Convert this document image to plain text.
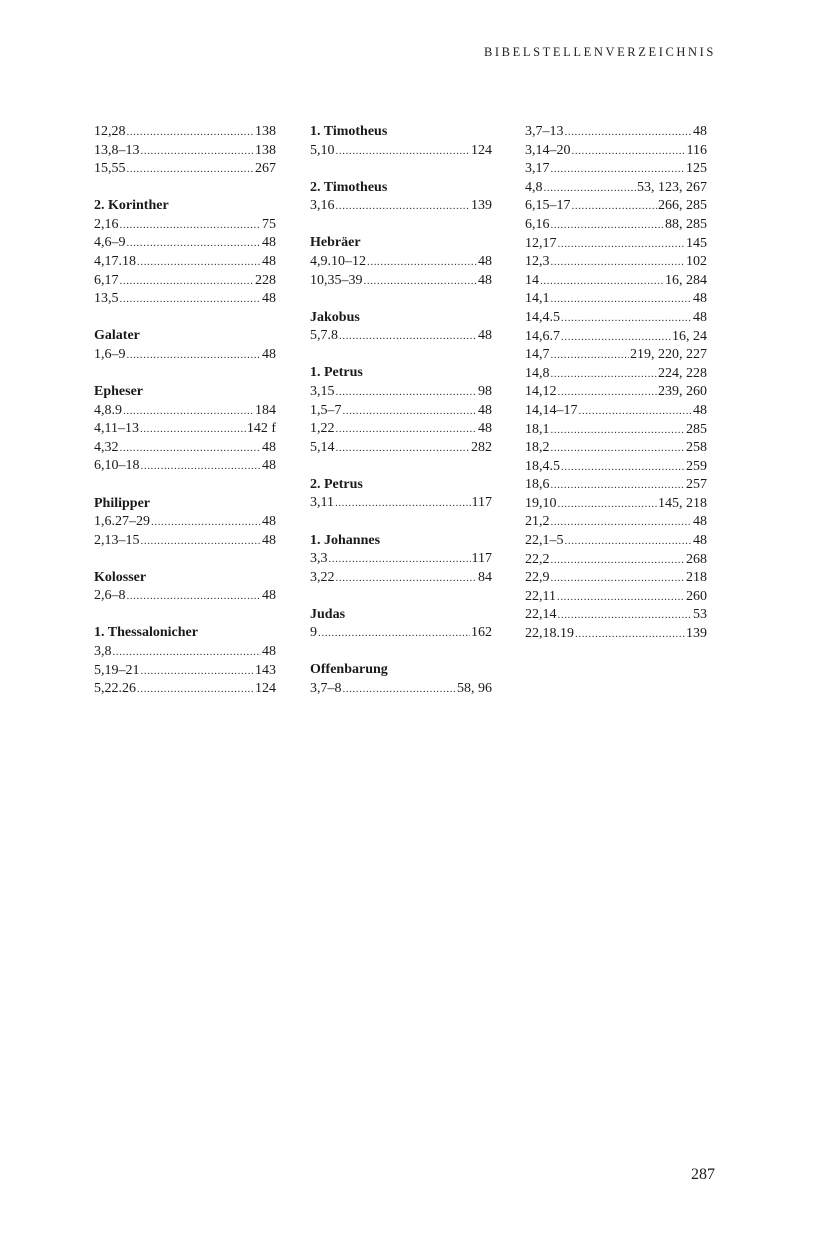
BIBELSTELLENVERZEICHNIS
12,28 .....	138
13,8–13 .....	138
15,55 .....	267
2. Korinther
2,16 .....	75
4,6–9 .....	48
4,17.18 .....	48
6,17 .....	228
13,5 .....	48
Galater
1,6–9 .....	48
Epheser
4,8.9 .....	184
4,11–13 .....	142 f
4,32 .....	48
6,10–18 .....	48
Philipper
1,6.27–29 .....	48
2,13–15 .....	48
Kolosser
2,6–8 .....	48
1. Thessalonicher
3,8 .....	48
5,19–21 .....	143
5,22.26 .....	124
1. Timotheus
5,10 .....	124
2. Timotheus
3,16 .....	139
Hebräer
4,9.10–12 .....	48
10,35–39 .....	48
Jakobus
5,7.8 .....	48
1. Petrus
3,15 .....	98
1,5–7 .....	48
1,22 .....	48
5,14 .....	282
2. Petrus
3,11 .....	117
1. Johannes
3,3 .....	117
3,22 .....	84
Judas
9 .....	162
Offenbarung
3,7–8 .....	58, 96
3,7–13 .....	48
3,14–20 .....	116
3,17 .....	125
4,8 .....	53, 123, 267
6,15–17 .....	266, 285
6,16 .....	88, 285
12,17 .....	145
12,3 .....	102
14 .....	16, 284
14,1 .....	48
14,4.5 .....	48
14,6.7 .....	16, 24
14,7 .....	219, 220, 227
14,8 .....	224, 228
14,12 .....	239, 260
14,14–17 .....	48
18,1 .....	285
18,2 .....	258
18,4.5 .....	259
18,6 .....	257
19,10 .....	145, 218
21,2 .....	48
22,1–5 .....	48
22,2 .....	268
22,9 .....	218
22,11 .....	260
22,14 .....	53
22,18.19 .....	139
287
